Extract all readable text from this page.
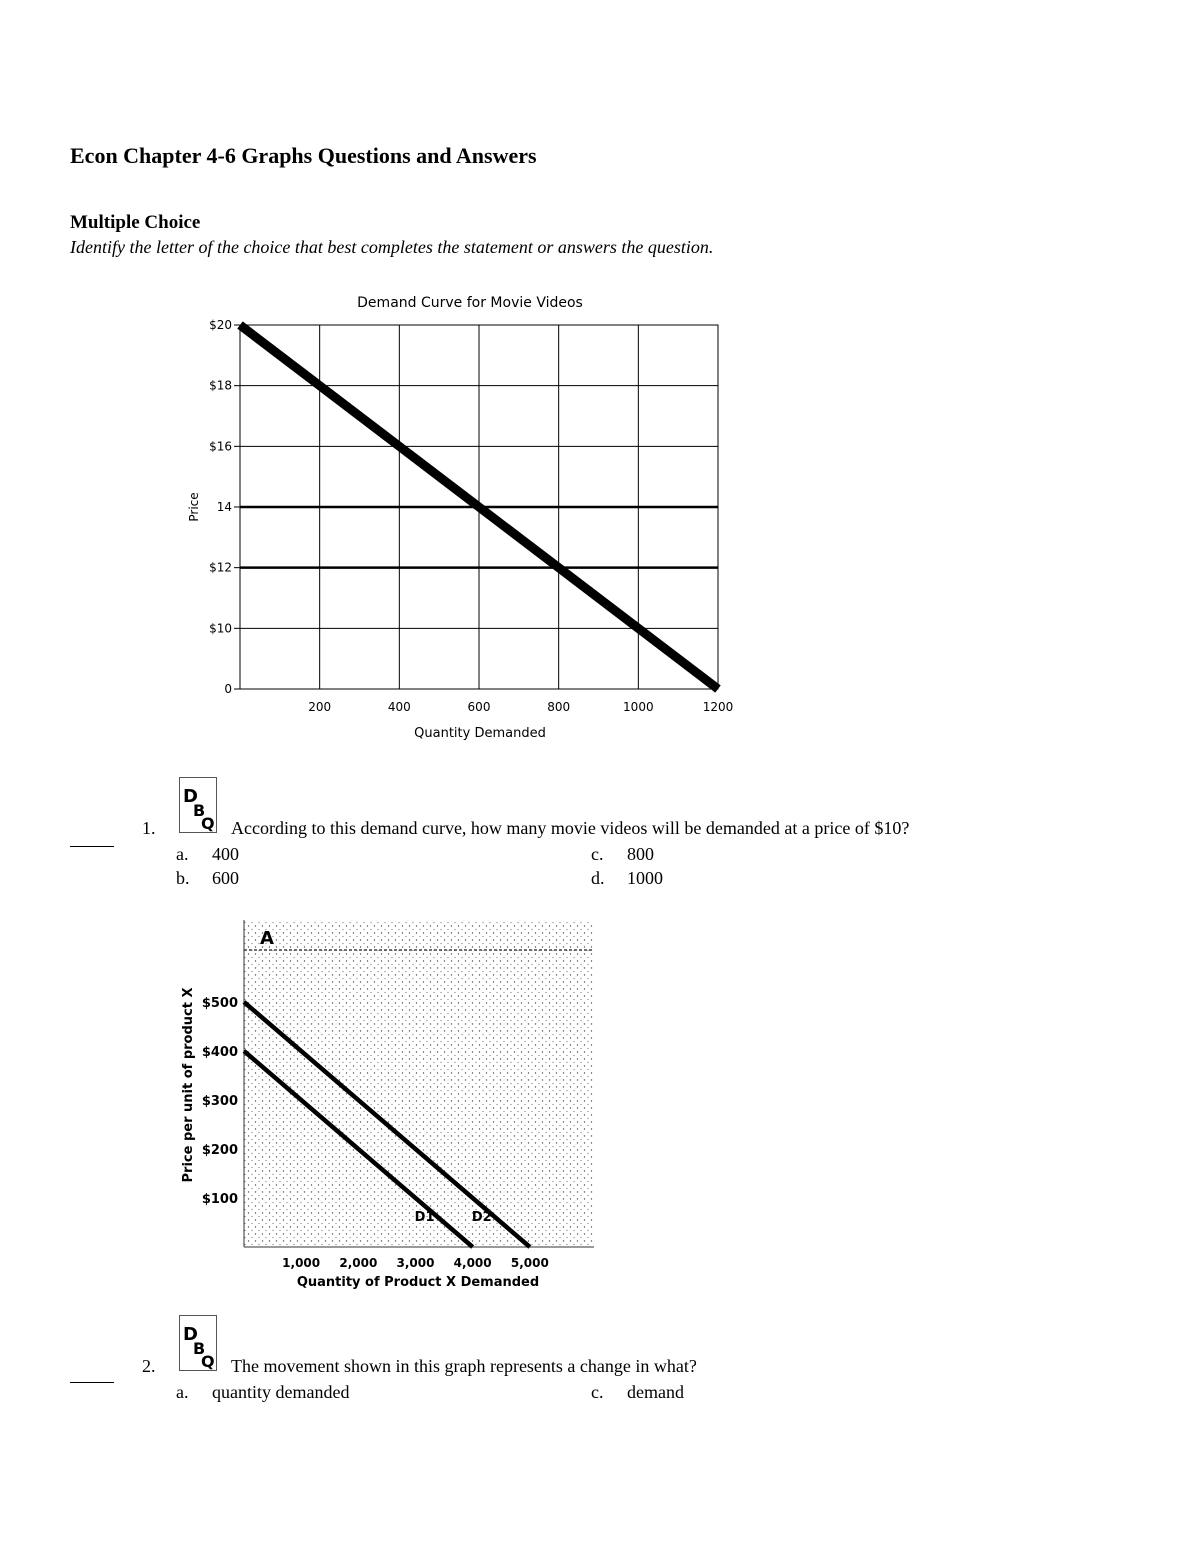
Econ Chapter 4-6 Graphs Questions and Answers
Multiple Choice
Identify the letter of the choice that best completes the statement or answers the question.
Demand Curve for Movie Videos
200	400	600	800	1000	1200
0
$10
$12
14
$16
$18
$20
Quantity Demanded
Price
1.
D
B
Q According to this demand curve, how many movie videos will be demanded at a price of $10?
a. 400
b. 600
c. 800
d. 1000
A
D1	D2
1,000 2,000 3,000 4,000 5,000
$100
$200
$300
$400
$500
Quantity of Product X Demanded
Price per unit of product X
2.
D
B
Q The movement shown in this graph represents a change in what?
a. quantity demanded	c. demand
